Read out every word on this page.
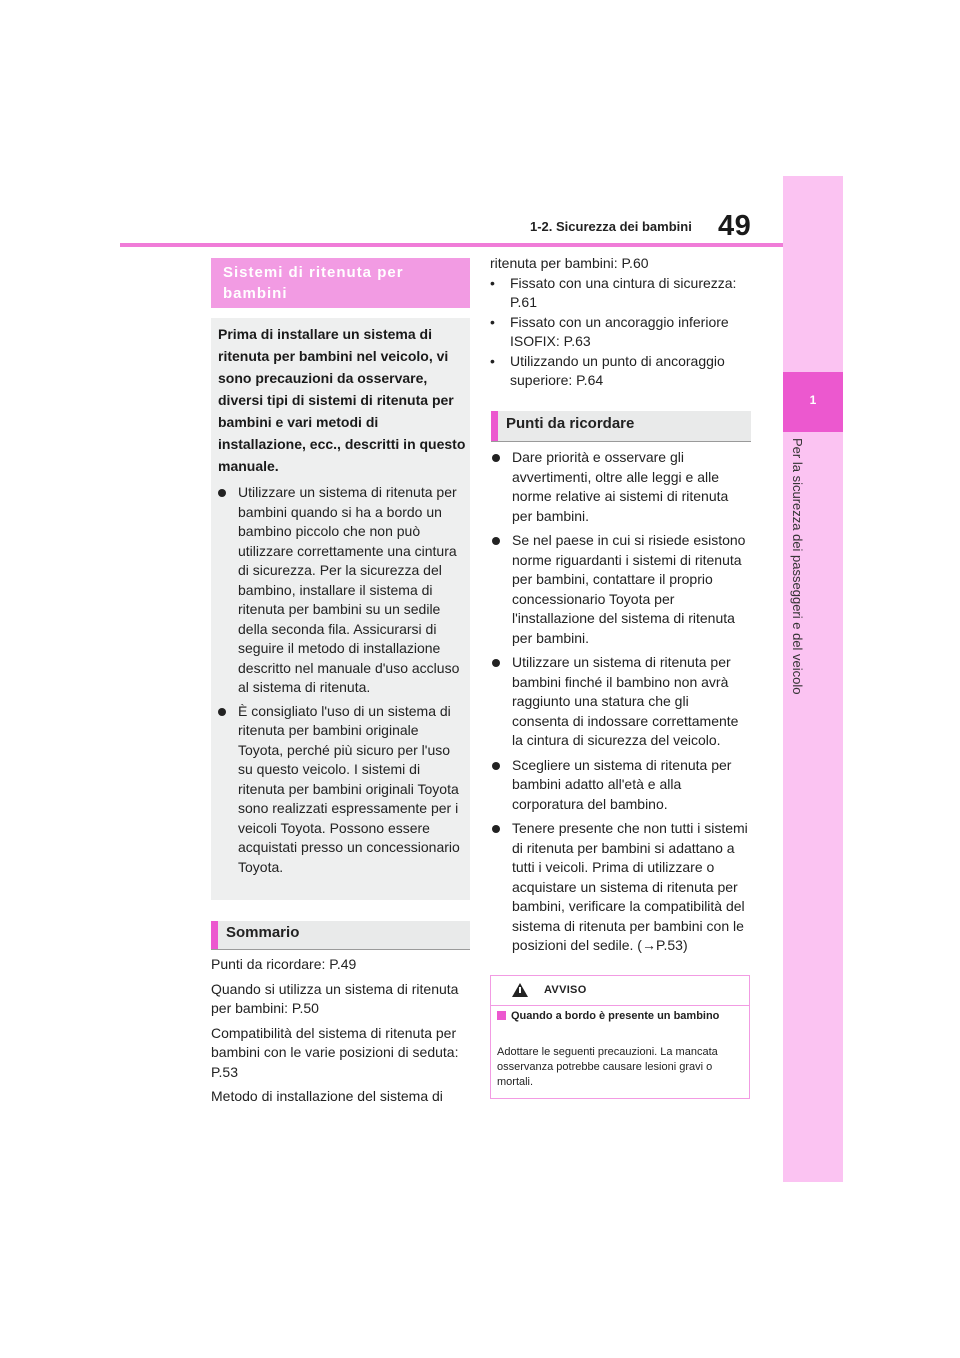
49
1-2. Sicurezza dei bambini
1
Per la sicurezza dei passeggeri e del veicolo
Sistemi di ritenuta per bambini
Prima di installare un sistema di ritenuta per bambini nel veicolo, vi sono precauzioni da osservare, diversi tipi di sistemi di ritenuta per bambini e vari metodi di installazione, ecc., descritti in questo manuale.
Utilizzare un sistema di ritenuta per bambini quando si ha a bordo un bambino piccolo che non può utilizzare correttamente una cintura di sicurezza. Per la sicurezza del bambino, installare il sistema di ritenuta per bambini su un sedile della seconda fila. Assicurarsi di seguire il metodo di installazione descritto nel manuale d'uso accluso al sistema di ritenuta.
È consigliato l'uso di un sistema di ritenuta per bambini originale Toyota, perché più sicuro per l'uso su questo veicolo. I sistemi di ritenuta per bambini originali Toyota sono realizzati espressamente per i veicoli Toyota. Possono essere acquistati presso un concessionario Toyota.
Sommario
Punti da ricordare: P.49
Quando si utilizza un sistema di ritenuta per bambini: P.50
Compatibilità del sistema di ritenuta per bambini con le varie posizioni di seduta: P.53
Metodo di installazione del sistema di
ritenuta per bambini: P.60
• Fissato con una cintura di sicurezza: P.61
• Fissato con un ancoraggio inferiore ISOFIX: P.63
• Utilizzando un punto di ancoraggio superiore: P.64
Punti da ricordare
Dare priorità e osservare gli avvertimenti, oltre alle leggi e alle norme relative ai sistemi di ritenuta per bambini.
Se nel paese in cui si risiede esistono norme riguardanti i sistemi di ritenuta per bambini, contattare il proprio concessionario Toyota per l'installazione del sistema di ritenuta per bambini.
Utilizzare un sistema di ritenuta per bambini finché il bambino non avrà raggiunto una statura che gli consenta di indossare correttamente la cintura di sicurezza del veicolo.
Scegliere un sistema di ritenuta per bambini adatto all'età e alla corporatura del bambino.
Tenere presente che non tutti i sistemi di ritenuta per bambini si adattano a tutti i veicoli. Prima di utilizzare o acquistare un sistema di ritenuta per bambini, verificare la compatibilità del sistema di ritenuta per bambini con le posizioni del sedile. (→P.53)
AVVISO
Quando a bordo è presente un bambino
Adottare le seguenti precauzioni. La mancata osservanza potrebbe causare lesioni gravi o mortali.
